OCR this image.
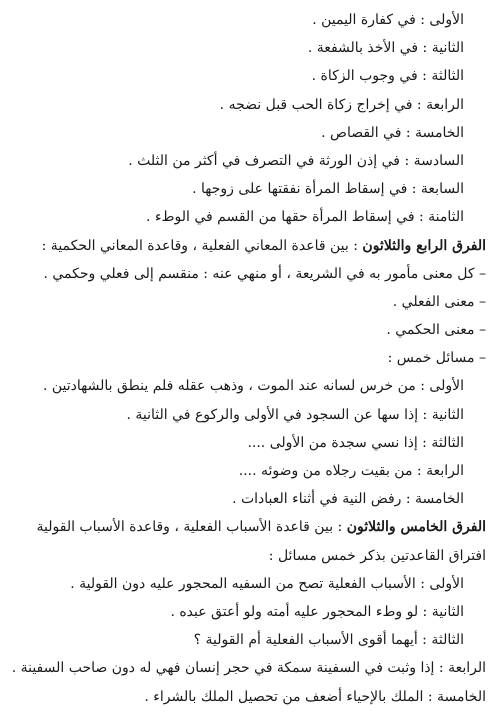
الأولى : في كفارة اليمين .
الثانية : في الأخذ بالشفعة .
الثالثة : في وجوب الزكاة .
الرابعة : في إخراج زكاة الحب قبل نضجه .
الخامسة : في القصاص .
السادسة : في إذن الورثة في التصرف في أكثر من الثلث .
السابعة : في إسقاط المرأة نفقتها على زوجها .
الثامنة : في إسقاط المرأة حقها من القسم في الوطء .
الفرق الرابع والثلاثون : بين قاعدة المعاني الفعلية ، وقاعدة المعاني الحكمية :
– كل معنى مأمور به في الشريعة ، أو منهي عنه : منقسم إلى فعلي وحكمي .
– معنى الفعلي .
– معنى الحكمي .
– مسائل خمس :
الأولى : من خرس لسانه عند الموت ، وذهب عقله فلم ينطق بالشهادتين .
الثانية : إذا سها عن السجود في الأولى والركوع في الثانية .
الثالثة : إذا نسي سجدة من الأولى ....
الرابعة : من بقيت رجلاه من وضوئه ....
الخامسة : رفض النية في أثناء العبادات .
الفرق الخامس والثلاثون : بين قاعدة الأسباب الفعلية ، وقاعدة الأسباب القولية
افتراق القاعدتين بذكر خمس مسائل :
الأولى : الأسباب الفعلية تصح من السفيه المحجور عليه دون القولية .
الثانية : لو وطء المحجور عليه أمته ولو أعتق عبده .
الثالثة : أيهما أقوى الأسباب الفعلية أم القولية ؟
الرابعة : إذا وثبت في السفينة سمكة في حجر إنسان فهي له دون صاحب السفينة .
الخامسة : الملك بالإحياء أضعف من تحصيل الملك بالشراء .
